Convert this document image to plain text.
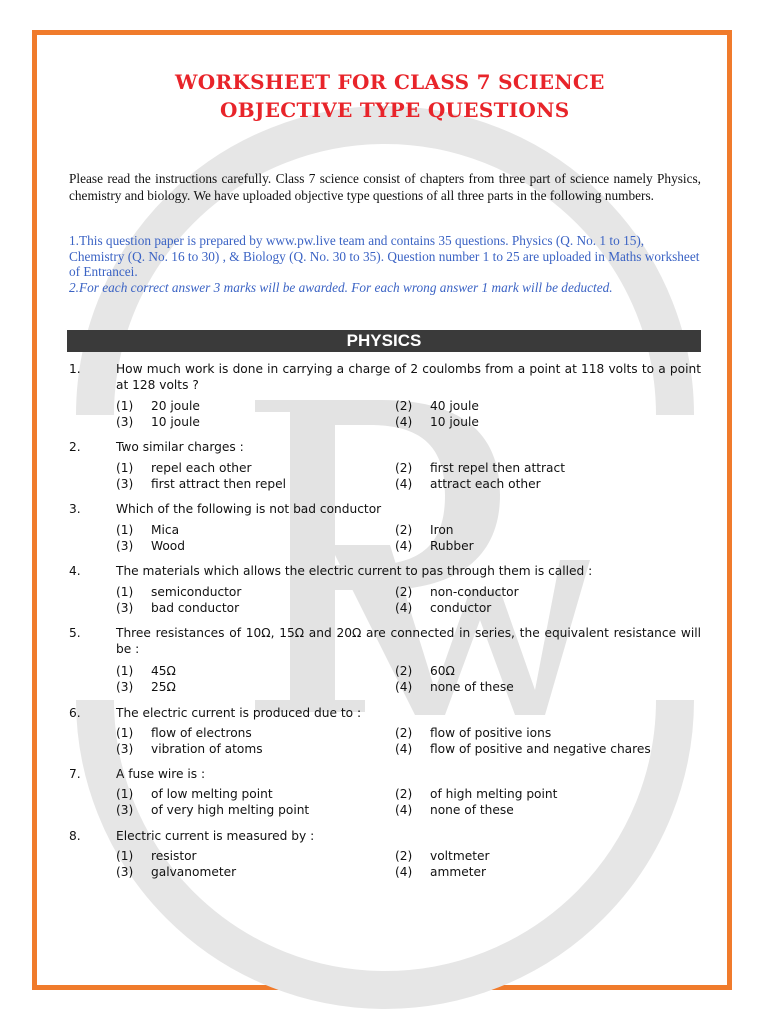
WORKSHEET FOR CLASS 7 SCIENCE
OBJECTIVE TYPE QUESTIONS
Please read the instructions carefully. Class 7 science consist of chapters from three part of science namely Physics, chemistry and biology. We have uploaded objective type questions of all three parts in the following numbers.
1.This question paper is prepared by www.pw.live team and contains 35 questions. Physics (Q. No. 1 to 15), Chemistry (Q. No. 16 to 30) , & Biology (Q. No. 30 to 35). Question number 1 to 25 are uploaded in Maths worksheet of Entrancei.
2.For each correct answer 3 marks will be awarded. For each wrong answer 1 mark will be deducted.
PHYSICS
1.	How much work is done in carrying a charge of 2 coulombs from a point at 118 volts to a point at 128 volts ?
(1) 20 joule	(2) 40 joule
(3) 10 joule	(4) 10 joule
2.	Two similar charges :
(1) repel each other	(2) first repel then attract
(3) first attract then repel	(4) attract each other
3.	Which of the following is not bad conductor
(1) Mica	(2) Iron
(3) Wood	(4) Rubber
4.	The materials which allows the electric current to pas through them is called :
(1) semiconductor	(2) non-conductor
(3) bad conductor	(4) conductor
5.	Three resistances of 10Ω, 15Ω and 20Ω are connected in series, the equivalent resistance will be :
(1) 45Ω	(2) 60Ω
(3) 25Ω	(4) none of these
6.	The electric current is produced due to :
(1) flow of electrons	(2) flow of positive ions
(3) vibration of atoms	(4) flow of positive and negative chares
7.	A fuse wire is :
(1) of low melting point	(2) of high melting point
(3) of very high melting point	(4) none of these
8.	Electric current is measured by :
(1) resistor	(2) voltmeter
(3) galvanometer	(4) ammeter
